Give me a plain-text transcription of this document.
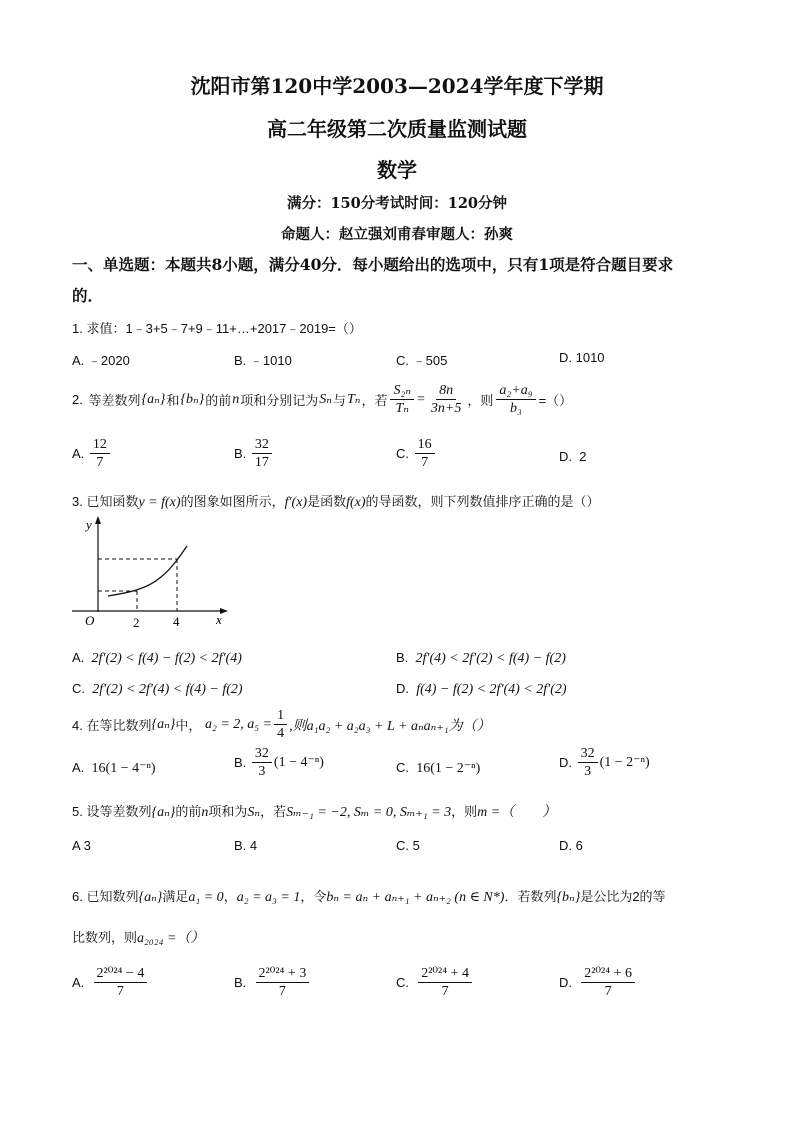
沈阳市第120中学2003—2024学年度下学期
高二年级第二次质量监测试题
数学
满分：150分考试时间：120分钟
命题人：赵立强刘甫春审题人：孙爽
一、单选题：本题共8小题，满分40分．每小题给出的选项中，只有1项是符合题目要求
的．
1. 求值：1﹣3+5﹣7+9﹣11+…+2017﹣2019=（）
A. ﹣2020	B. ﹣1010	C. ﹣505	D. 1010
2.
等差数列 {aₙ} 和 {bₙ} 的前 n 项和分别记为 Sₙ 与 Tₙ ，若 $\frac{\text{S₂ₙ}}{\text{Tₙ}} = \frac{8n}{3n+5}$ ，则 $\frac{\text{a₂+a₉}}{\text{b₃}}$ =（）
A.
$\frac{12}{7}$	B.
$\frac{32}{17}$	C.
$\frac{16}{7}$	D. 2
3. 已知函数y = f(x)的图象如图所示，f′(x)是函数f(x)的导函数，则下列数值排序正确的是（）
y
x
O	2	4
A. 2f′(2) < f(4) − f(2) < 2f′(4)	B. 2f′(4) < 2f′(2) < f(4) − f(2)
C. 2f′(2) < 2f′(4) < f(4) − f(2)	D. f(4) − f(2) < 2f′(4) < 2f′(2)
4. 在等比数列 {aₙ} 中，
a₂ = 2, $a_5 = \frac{1}{4}$ ,则a₁a₂ + a₂a₃ + L + aₙaₙ₊₁为（）
A. 16(1 − 4⁻ⁿ)	B.
$\frac{32}{3} (1 - 4^{-n})$	C. 16(1 − 2⁻ⁿ)	D.
$\frac{32}{3} (1 - 2^{-n})$
5. 设等差数列{aₙ}的前n项和为Sₙ，若Sₘ₋₁ = −2, Sₘ = 0, Sₘ₊₁ = 3，则m =（　　）
A 3	B. 4	C. 5	D. 6
6. 已知数列{aₙ}满足a₁ = 0，a₂ = a₃ = 1，令bₙ = aₙ + aₙ₊₁ + aₙ₊₂ (n ∈ N*)．若数列{bₙ}是公比为2的等
比数列，则a₂₀₂₄ =（）
A.
$\frac{\text{2²⁰²⁴ − 4}}{7}$	B.
$\frac{\text{2²⁰²⁴ + 3}}{7}$	C.
$\frac{\text{2²⁰²⁴ + 4}}{7}$	D.
$\frac{\text{2²⁰²⁴ + 6}}{7}$
